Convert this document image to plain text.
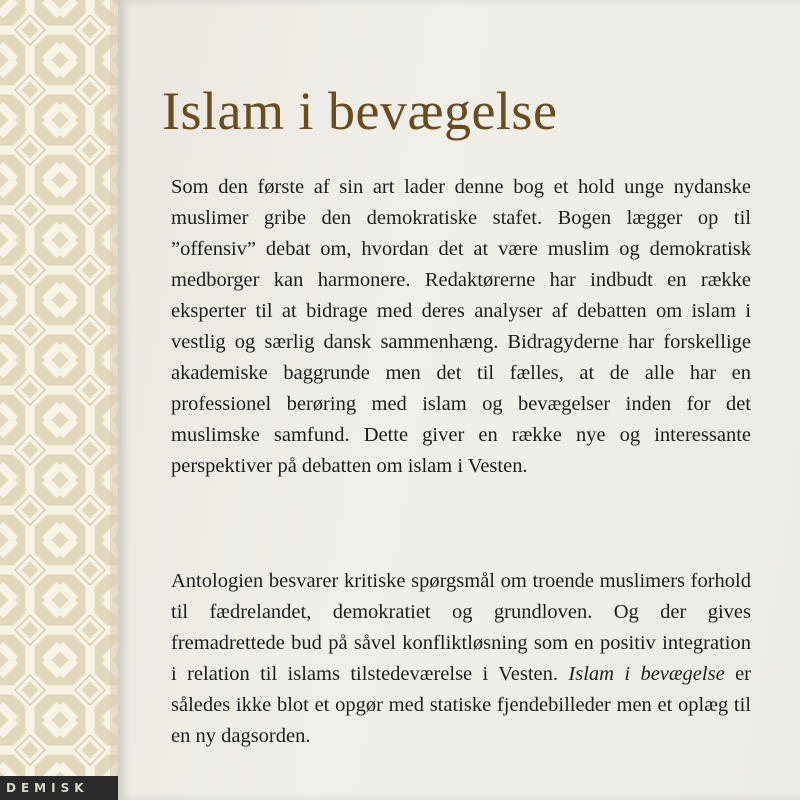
DEMISK
Islam i bevægelse

Som den første af sin art lader denne bog et hold unge nydanske muslimer gribe den demokratiske stafet. Bogen lægger op til ”offensiv” debat om, hvordan det at være muslim og demokratisk medborger kan harmonere. Redaktørerne har indbudt en række eksperter til at bidrage med deres analyser af debatten om islam i vestlig og særlig dansk sammenhæng. Bidragyderne har forskellige akademiske baggrunde men det til fælles, at de alle har en professionel berøring med islam og bevægelser inden for det muslimske samfund. Dette giver en række nye og interessante perspektiver på debatten om islam i Vesten.

Antologien besvarer kritiske spørgsmål om troende muslimers forhold til fædrelandet, demokratiet og grundloven. Og der gives fremadrettede bud på såvel konfliktløsning som en positiv integration i relation til islams tilstedeværelse i Vesten. Islam i bevægelse er således ikke blot et opgør med statiske fjendebilleder men et oplæg til en ny dagsorden.
